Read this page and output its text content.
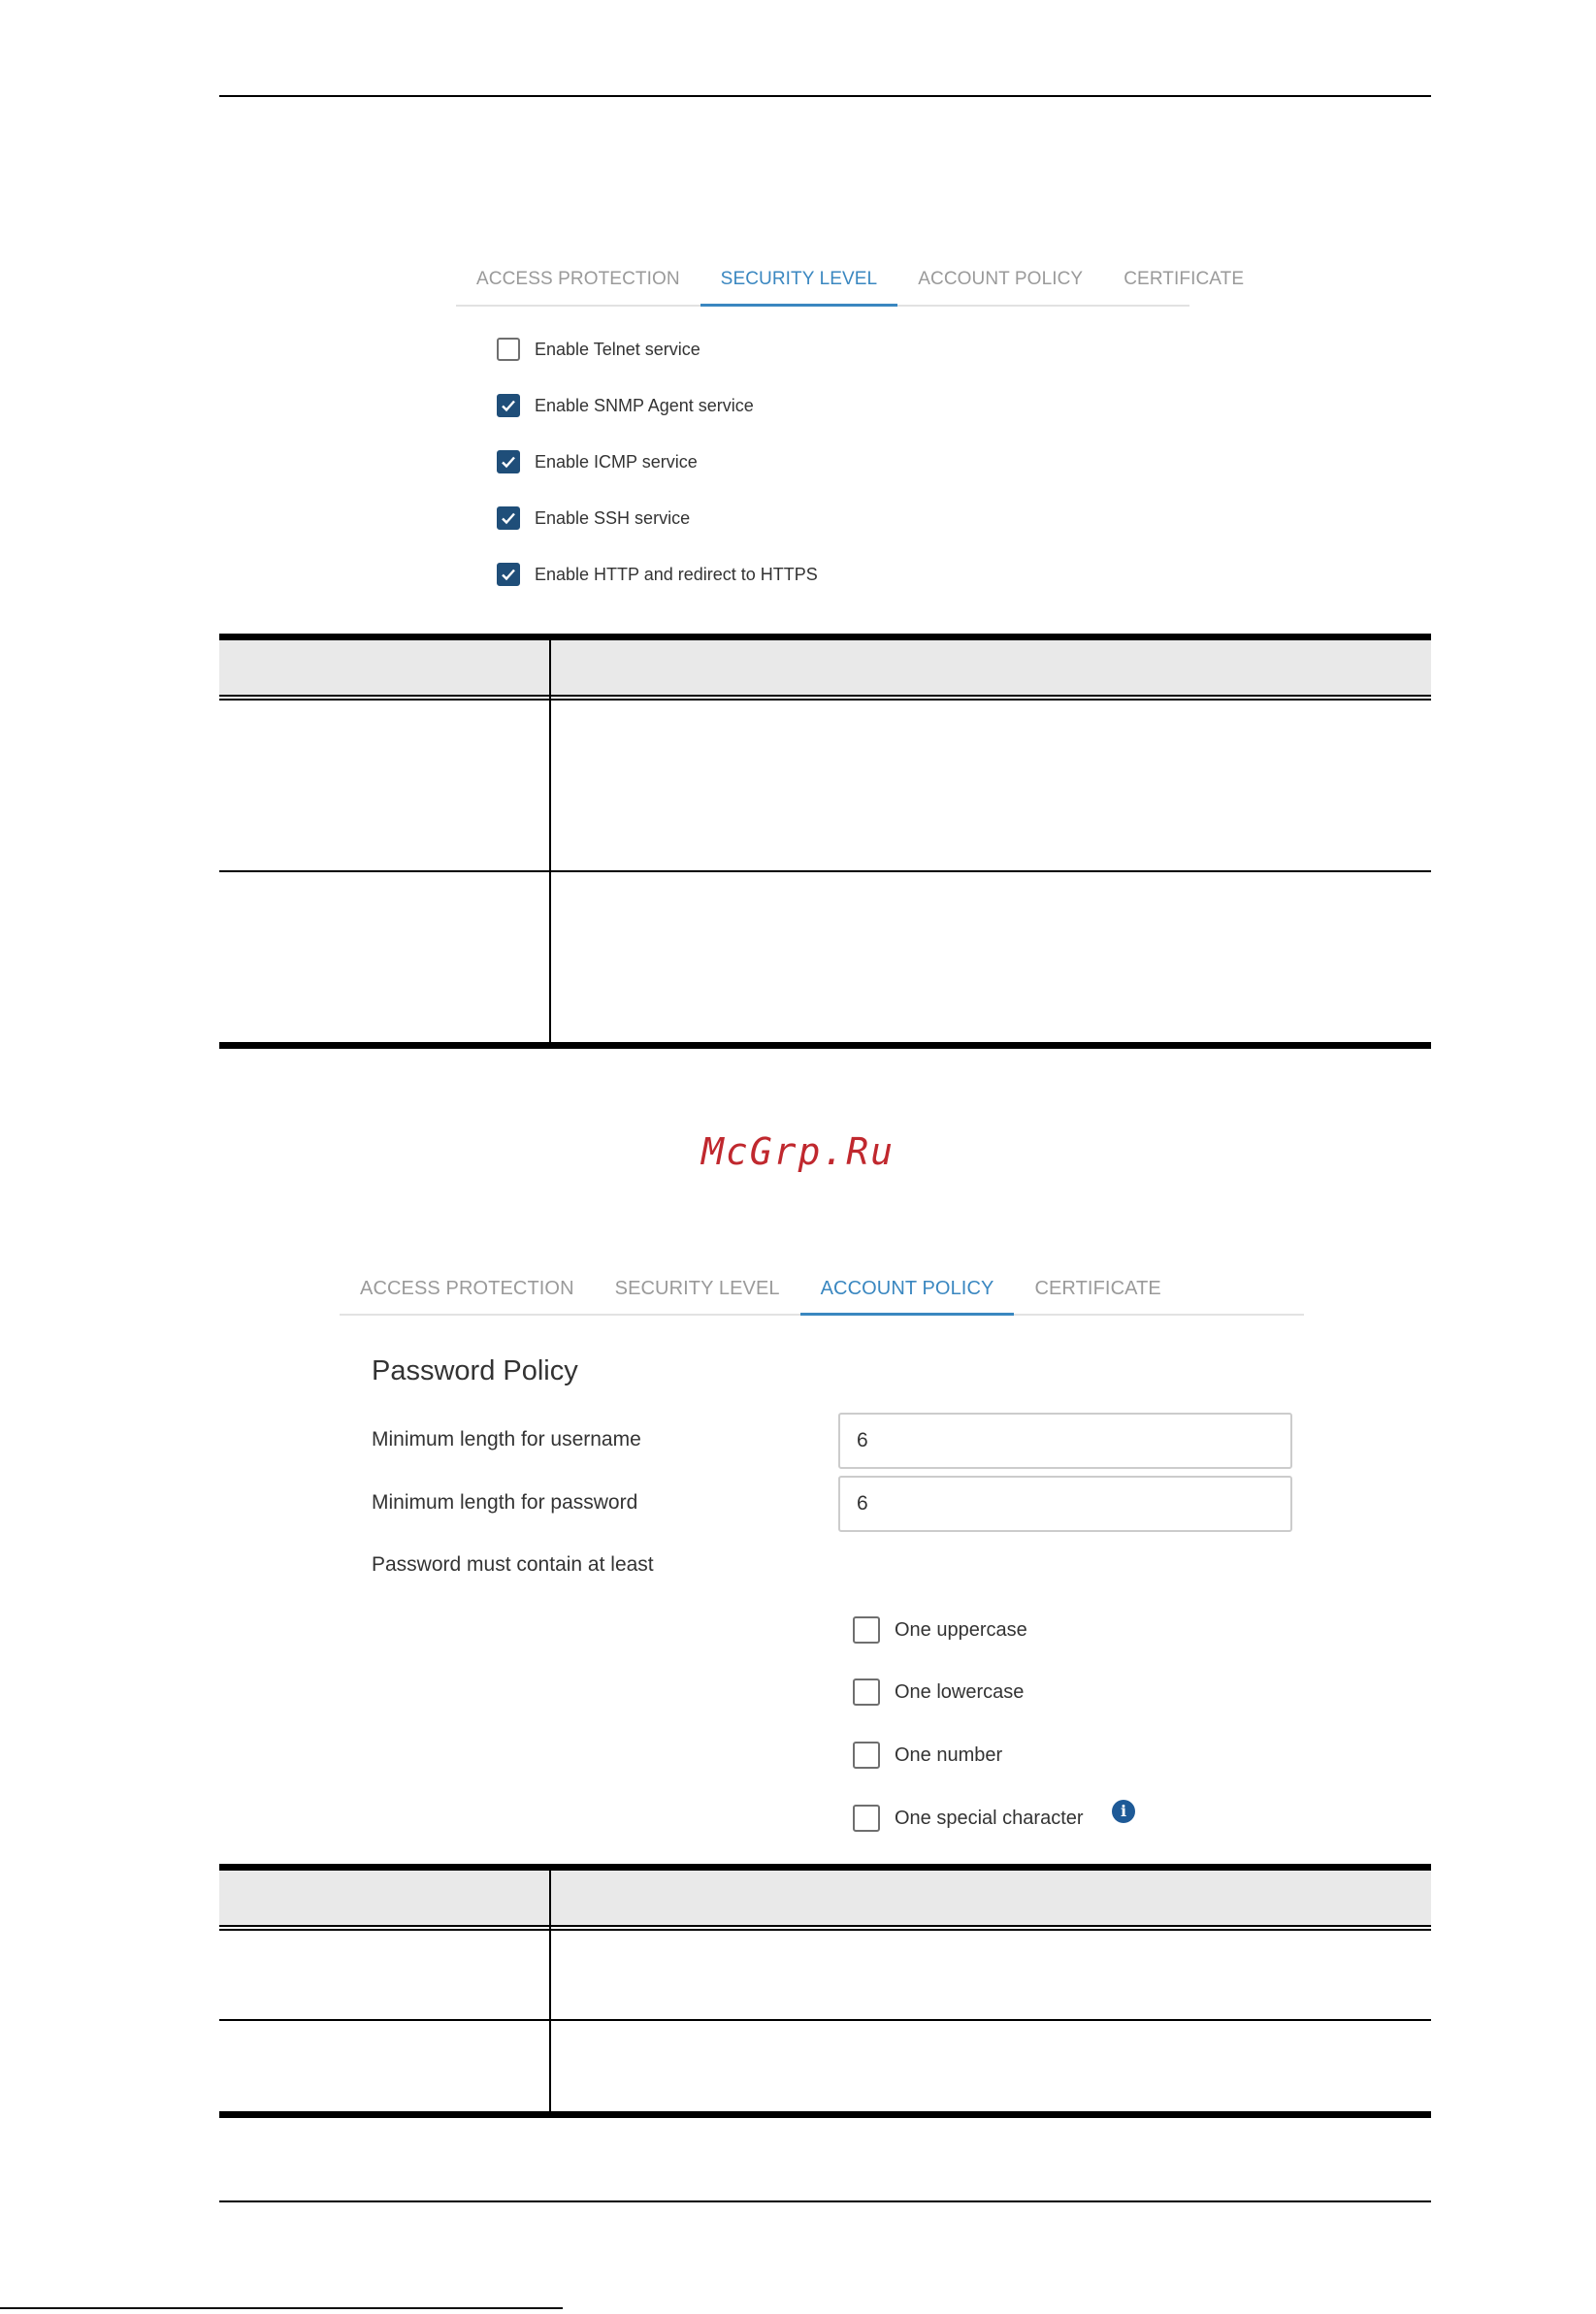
ACCESS PROTECTION	SECURITY LEVEL	ACCOUNT POLICY	CERTIFICATE
Enable Telnet service
Enable SNMP Agent service
Enable ICMP service
Enable SSH service
Enable HTTP and redirect to HTTPS
McGrp.Ru
ACCESS PROTECTION	SECURITY LEVEL	ACCOUNT POLICY	CERTIFICATE
Password Policy
Minimum length for username	6
Minimum length for password	6
Password must contain at least
One uppercase
One lowercase
One number
One special character	i
